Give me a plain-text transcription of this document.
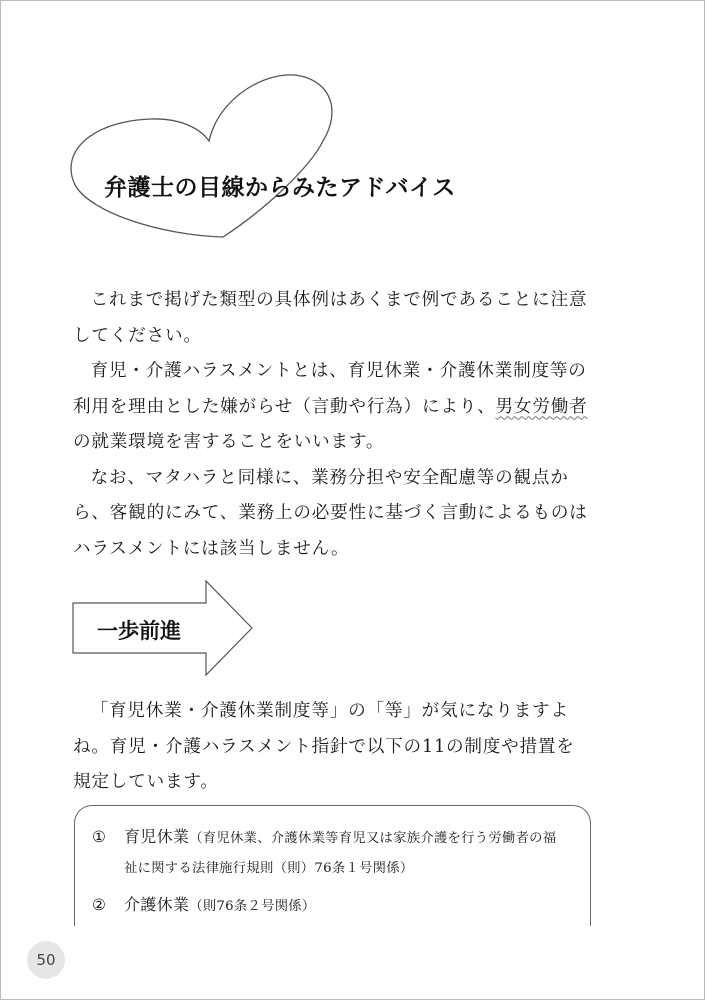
弁護士の目線からみたアドバイス

これまで掲げた類型の具体例はあくまで例であることに注意してください。

育児・介護ハラスメントとは、育児休業・介護休業制度等の利用を理由とした嫌がらせ（言動や行為）により、男女労働者の就業環境を害することをいいます。

なお、マタハラと同様に、業務分担や安全配慮等の観点から、客観的にみて、業務上の必要性に基づく言動によるものはハラスメントには該当しません。

一歩前進

「育児休業・介護休業制度等」の「等」が気になりますよね。育児・介護ハラスメント指針で以下の11の制度や措置を規定しています。

① 育児休業（育児休業、介護休業等育児又は家族介護を行う労働者の福
祉に関する法律施行規則（則）76条１号関係）
② 介護休業（則76条２号関係）
50
